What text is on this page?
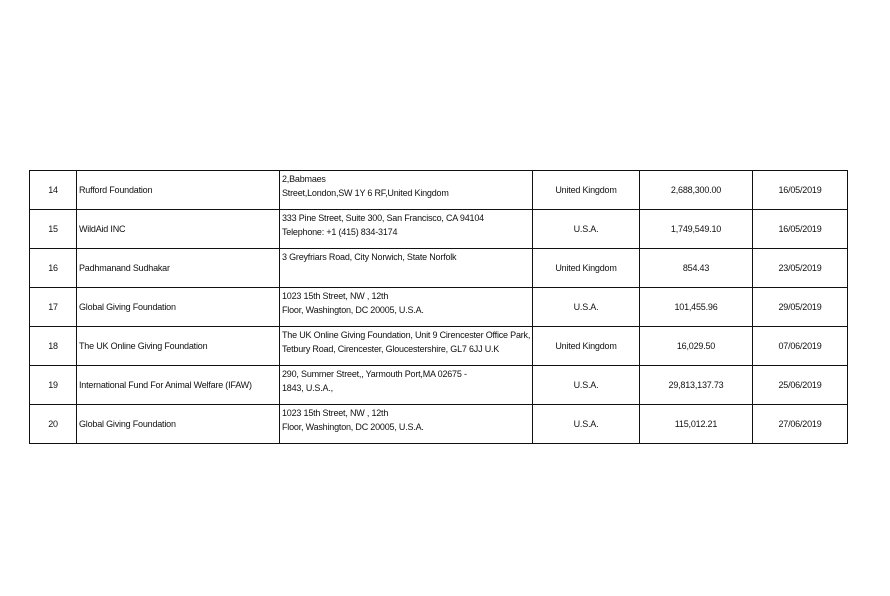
14	Rufford Foundation	2,Babmaes
Street,London,SW 1Y 6 RF,United Kingdom	United Kingdom	2,688,300.00	16/05/2019
15	WildAid INC	333 Pine Street, Suite 300, San Francisco, CA 94104
Telephone: +1 (415) 834-3174	U.S.A.	1,749,549.10	16/05/2019
16	Padhmanand Sudhakar	3 Greyfriars Road, City Norwich, State Norfolk	United Kingdom	854.43	23/05/2019
17	Global Giving Foundation	1023 15th Street, NW , 12th
Floor, Washington, DC 20005, U.S.A.	U.S.A.	101,455.96	29/05/2019
18	The UK Online Giving Foundation	The UK Online Giving Foundation, Unit 9 Cirencester Office Park,
Tetbury Road, Cirencester, Gloucestershire, GL7 6JJ U.K	United Kingdom	16,029.50	07/06/2019
19	International Fund For Animal Welfare (IFAW)	290, Summer Street,, Yarmouth Port,MA 02675 -
1843, U.S.A.,	U.S.A.	29,813,137.73	25/06/2019
20	Global Giving Foundation	1023 15th Street, NW , 12th
Floor, Washington, DC 20005, U.S.A.	U.S.A.	115,012.21	27/06/2019
